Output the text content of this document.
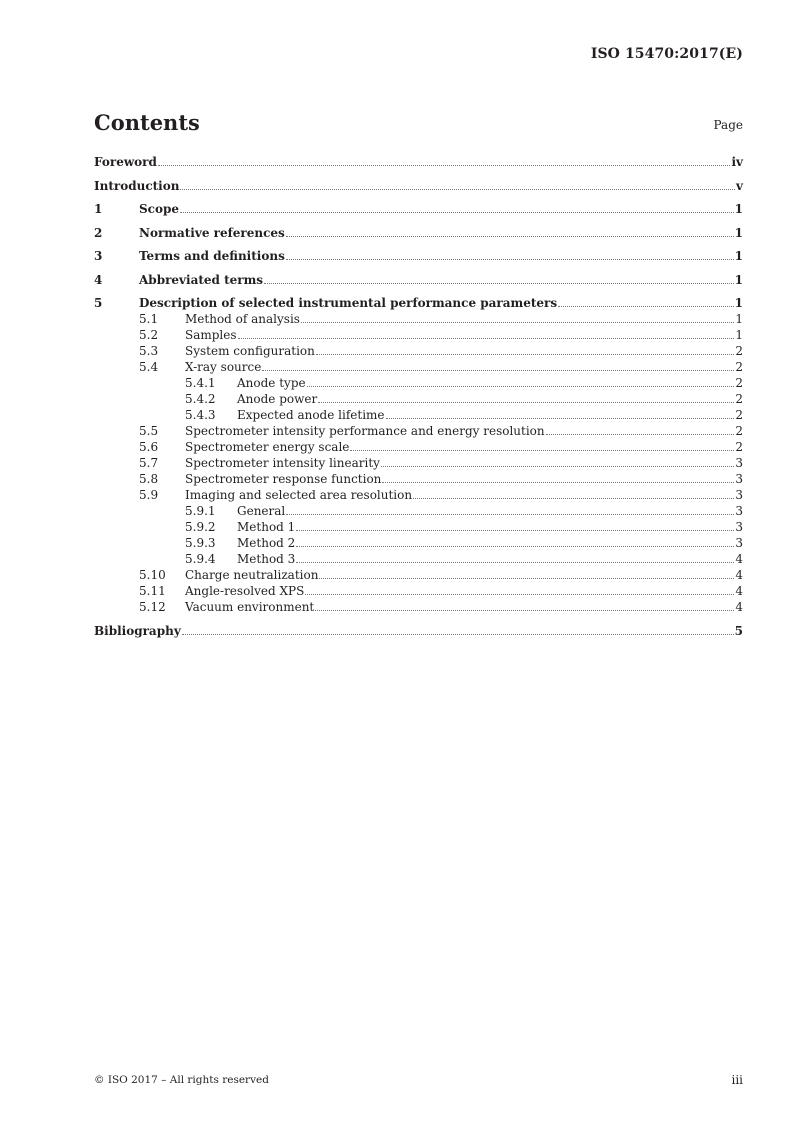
ISO 15470:2017(E)
Contents	Page
Foreword	iv
Introduction	v
1	Scope	1
2	Normative references	1
3	Terms and definitions	1
4	Abbreviated terms	1
5	Description of selected instrumental performance parameters	1
5.1	Method of analysis	1
5.2	Samples	1
5.3	System configuration	2
5.4	X-ray source	2
5.4.1	Anode type	2
5.4.2	Anode power	2
5.4.3	Expected anode lifetime	2
5.5	Spectrometer intensity performance and energy resolution	2
5.6	Spectrometer energy scale	2
5.7	Spectrometer intensity linearity	3
5.8	Spectrometer response function	3
5.9	Imaging and selected area resolution	3
5.9.1	General	3
5.9.2	Method 1	3
5.9.3	Method 2	3
5.9.4	Method 3	4
5.10	Charge neutralization	4
5.11	Angle-resolved XPS	4
5.12	Vacuum environment	4
Bibliography	5
© ISO 2017 – All rights reserved	iii
